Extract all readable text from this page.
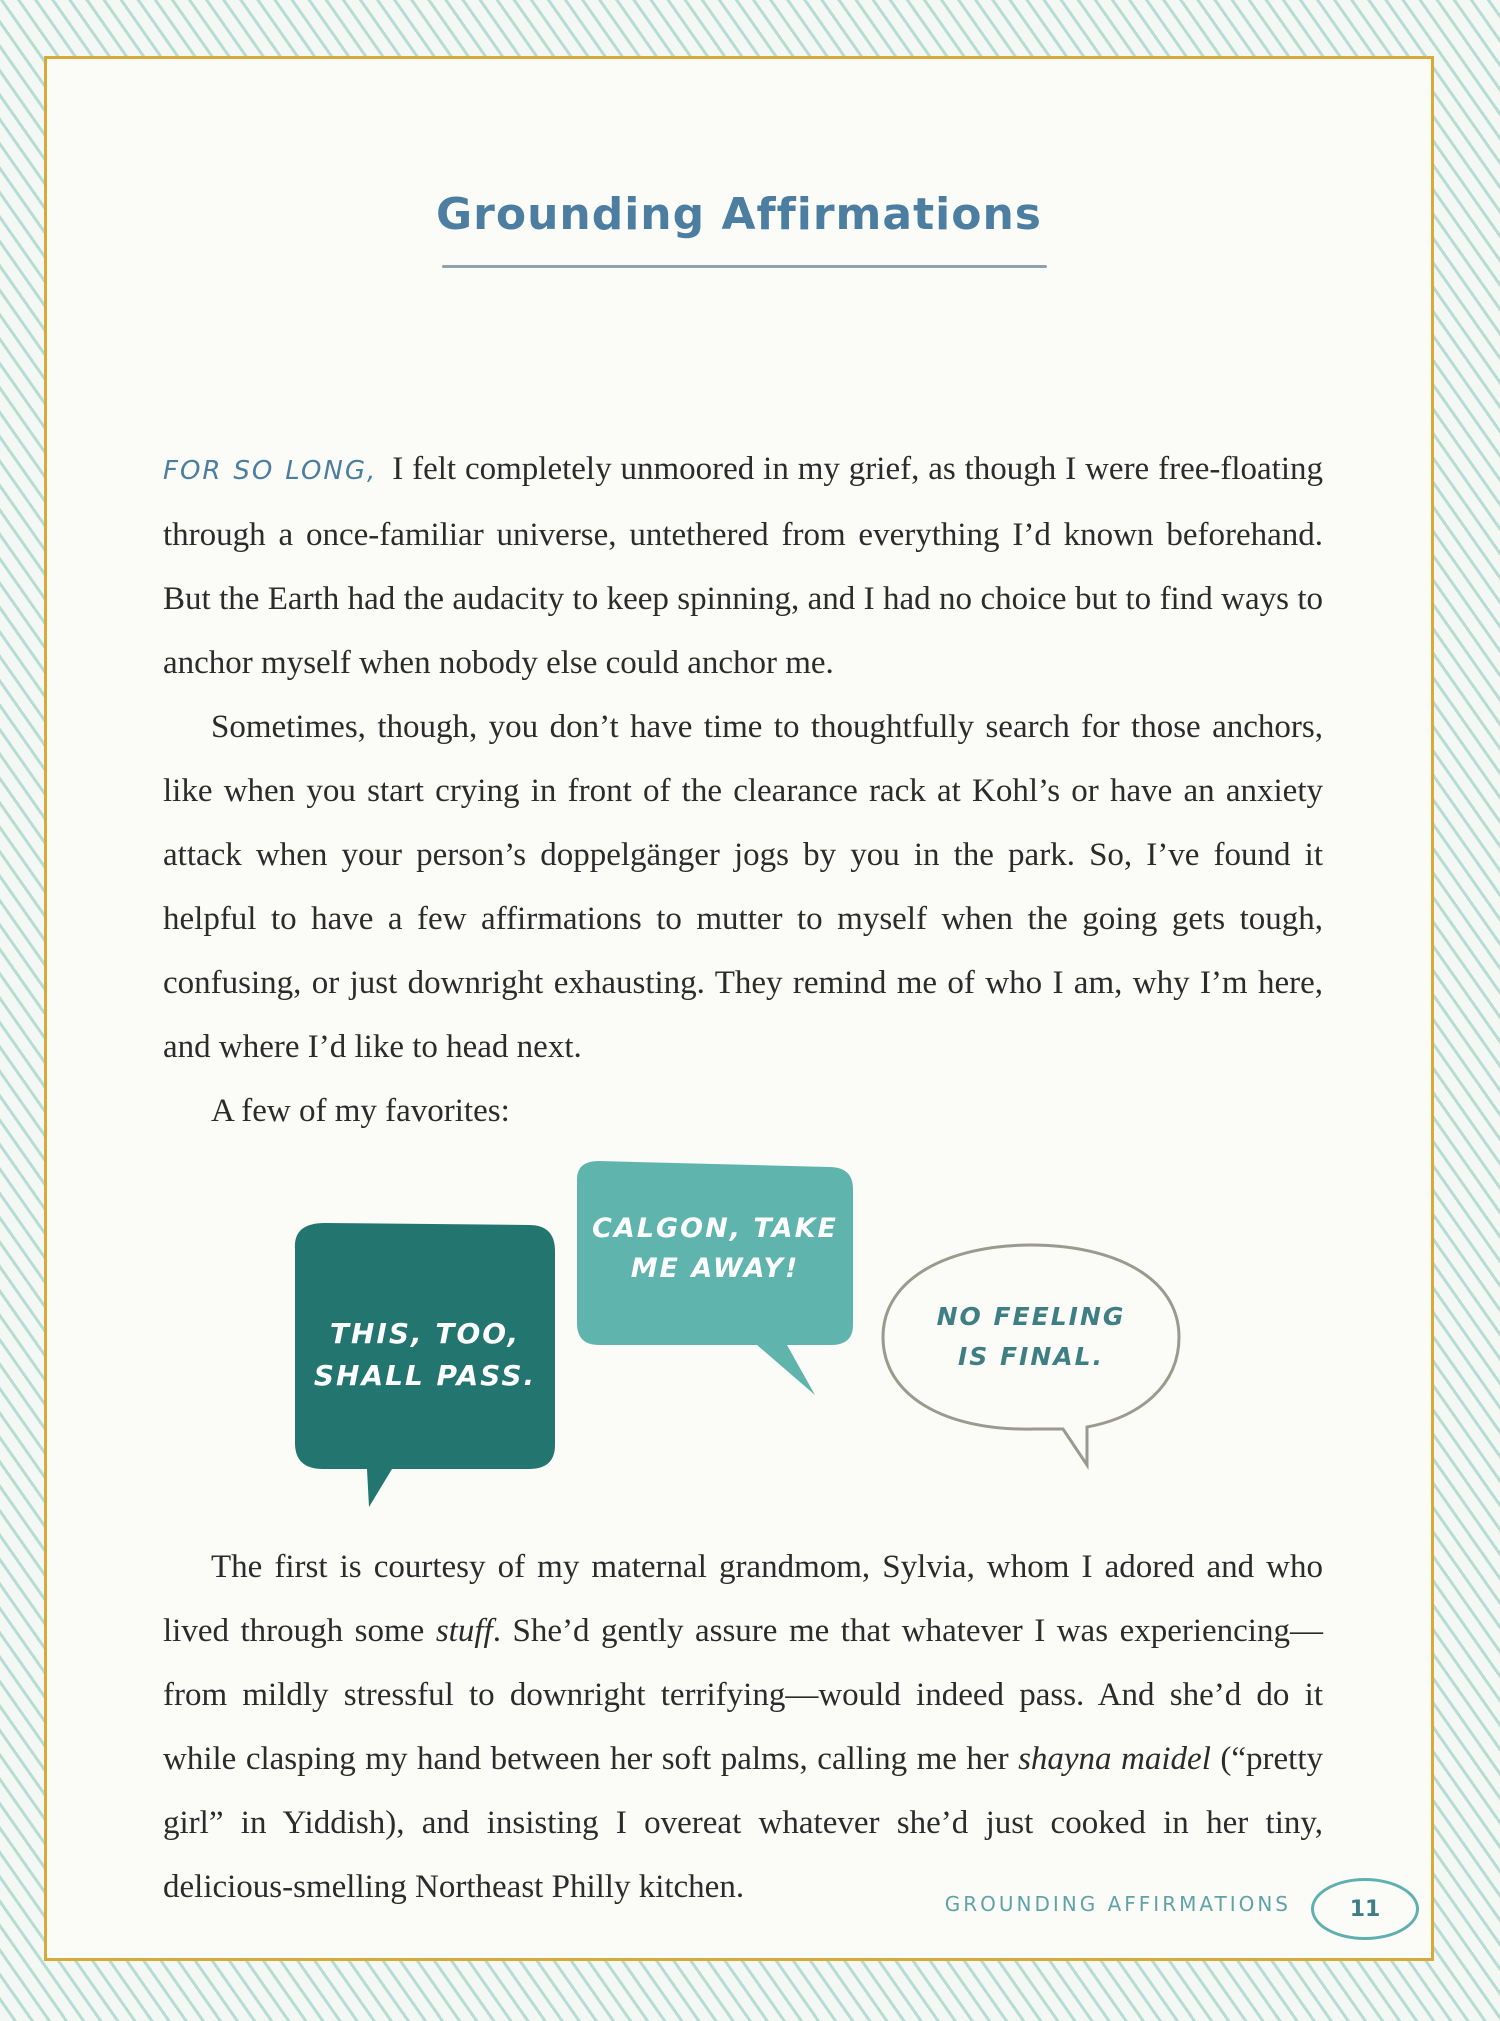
Grounding Affirmations

FOR SO LONG, I felt completely unmoored in my grief, as though I were free-floating through a once-familiar universe, untethered from everything I’d known beforehand. But the Earth had the audacity to keep spinning, and I had no choice but to find ways to anchor myself when nobody else could anchor me.

Sometimes, though, you don’t have time to thoughtfully search for those anchors, like when you start crying in front of the clearance rack at Kohl’s or have an anxiety attack when your person’s doppelgänger jogs by you in the park. So, I’ve found it helpful to have a few affirmations to mutter to myself when the going gets tough, confusing, or just downright exhausting. They remind me of who I am, why I’m here, and where I’d like to head next.

A few of my favorites:

THIS, TOO,
SHALL PASS.
CALGON, TAKE
ME AWAY!
NO FEELING
IS FINAL.

The first is courtesy of my maternal grandmom, Sylvia, whom I adored and who lived through some stuff. She’d gently assure me that whatever I was experiencing—from mildly stressful to downright terrifying—would indeed pass. And she’d do it while clasping my hand between her soft palms, calling me her shayna maidel (“pretty girl” in Yiddish), and insisting I overeat whatever she’d just cooked in her tiny, delicious-smelling Northeast Philly kitchen.	GROUNDING AFFIRMATIONS	11
